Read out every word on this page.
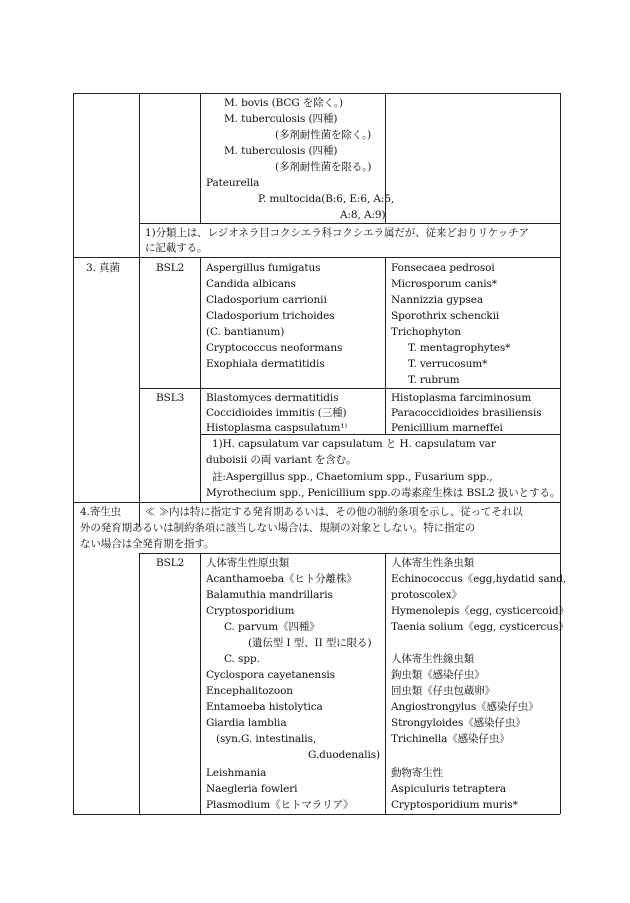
M. bovis (BCG を除く。)
M. tuberculosis (四種)
(多剤耐性菌を除く。)
M. tuberculosis (四種)
(多剤耐性菌を限る。)
Pateurella
P. multocida(B:6, E:6, A:5,
A:8, A:9)
1)分類上は、レジオネラ目コクシエラ科コクシエラ属だが、従来どおりリケッチア
に記載する。
3. 真菌	BSL2 Aspergillus fumigatus
Candida albicans
Cladosporium carrionii
Cladosporium trichoides
(C. bantianum)
Cryptococcus neoformans
Exophiala dermatitidis
Fonsecaea pedrosoi
Microsporum canis*
Nannizzia gypsea
Sporothrix schenckii
Trichophyton
T. mentagrophytes*
T. verrucosum*
T. rubrum
BSL3 Blastomyces dermatitidis
Coccidioides immitis (三種)
Histoplasma caspsulatum¹⁾
Histoplasma farciminosum
Paracoccidioides brasiliensis
Penicillium marneffei
1)H. capsulatum var capsulatum と H. capsulatum var
duboisii の両 variant を含む。
註:Aspergillus spp., Chaetomium spp., Fusarium spp.,
Myrothecium spp., Penicillium spp.の毒素産生株は BSL2 扱いとする。
4.寄生虫 ≪ ≫内は特に指定する発育期あるいは、その他の制約条項を示し、従ってそれ以
外の発育期あるいは制約条項に該当しない場合は、規制の対象としない。特に指定の
ない場合は全発育期を指す。
BSL2 人体寄生性原虫類
Acanthamoeba《ヒト分離株》
Balamuthia mandrillaris
Cryptosporidium
C. parvum《四種》
(遺伝型 I 型、II 型に限る)
C. spp.
Cyclospora cayetanensis
Encephalitozoon
Entamoeba histolytica
Giardia lamblia
(syn.G. intestinalis,
G.duodenalis)
Leishmania
Naegleria fowleri
Plasmodium《ヒトマラリア》
人体寄生性条虫類
Echinococcus《egg,hydatid sand,
protoscolex》
Hymenolepis《egg, cysticercoid》
Taenia solium《egg, cysticercus》
人体寄生性線虫類
鉤虫類《感染仔虫》
回虫類《仔虫包蔵卵》
Angiostrongylus《感染仔虫》
Strongyloides《感染仔虫》
Trichinella《感染仔虫》
動物寄生性
Aspiculuris tetraptera
Cryptosporidium muris*
